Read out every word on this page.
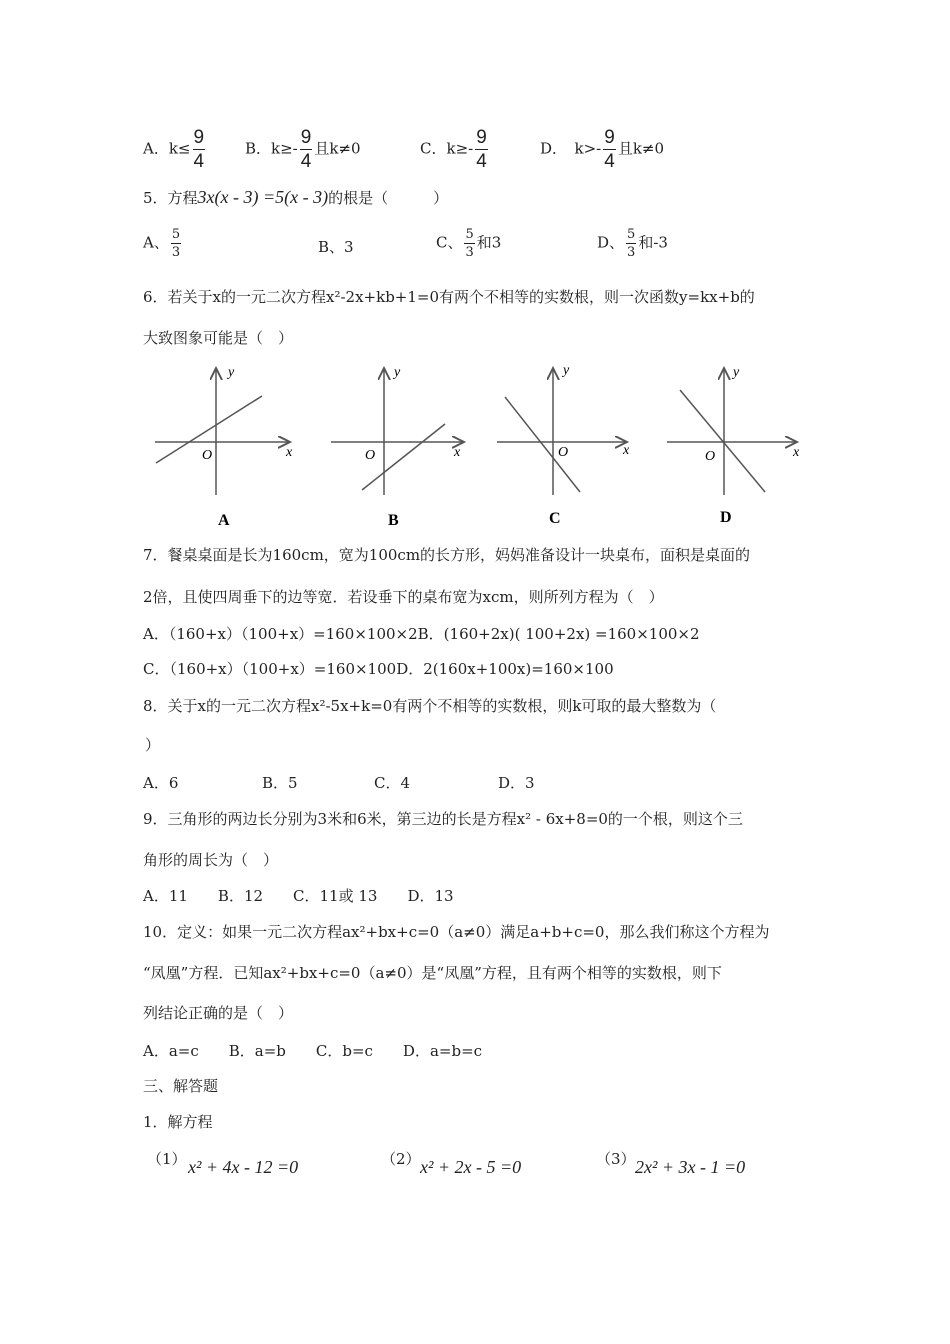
A．$k\le \frac{9}{4}$	B．$k\ge- \frac{9}{4}$ 且k≠0	C．$k\ge- \frac{9}{4}$	D．　$k>- \frac{9}{4}$ 且k≠0
5．方程3x(x - 3) =5(x - 3)的根是（　　　）
A、 $\frac{5}{3}$	B、3	C、 $\frac{5}{3}$ 和3	D、 $\frac{5}{3}$ 和-3
6．若关于x的一元二次方程x²-2x+kb+1=0有两个不相等的实数根，则一次函数y=kx+b的
大致图象可能是（　）
y
x
O
A
y
x
O
B
y
x
O
C
y
x
O
D
7．餐桌桌面是长为160cm，宽为100cm的长方形，妈妈准备设计一块桌布，面积是桌面的
2倍，且使四周垂下的边等宽．若设垂下的桌布宽为xcm，则所列方程为（　）
A．（160+x）（100+x）=160×100×2B．(160+2x)( 100+2x) =160×100×2
C．（160+x）（100+x）=160×100D．2(160x+100x)=160×100
8．关于x的一元二次方程x²-5x+k=0有两个不相等的实数根，则k可取的最大整数为（
）
A．6	B．5	C．4	D．3
9．三角形的两边长分别为3米和6米，第三边的长是方程x² - 6x+8=0的一个根，则这个三
角形的周长为（　）
A．11　　B．12　　C．11或 13　　D．13
10．定义：如果一元二次方程ax²+bx+c=0（a≠0）满足a+b+c=0，那么我们称这个方程为
“凤凰”方程．已知ax²+bx+c=0（a≠0）是“凤凰”方程，且有两个相等的实数根，则下
列结论正确的是（　）
A．a=c　　B．a=b　　C．b=c　　D．a=b=c
三、解答题
1．解方程
（1） x² + 4x - 12 =0	（2） x² + 2x - 5 =0	（3） 2x² + 3x - 1 =0
